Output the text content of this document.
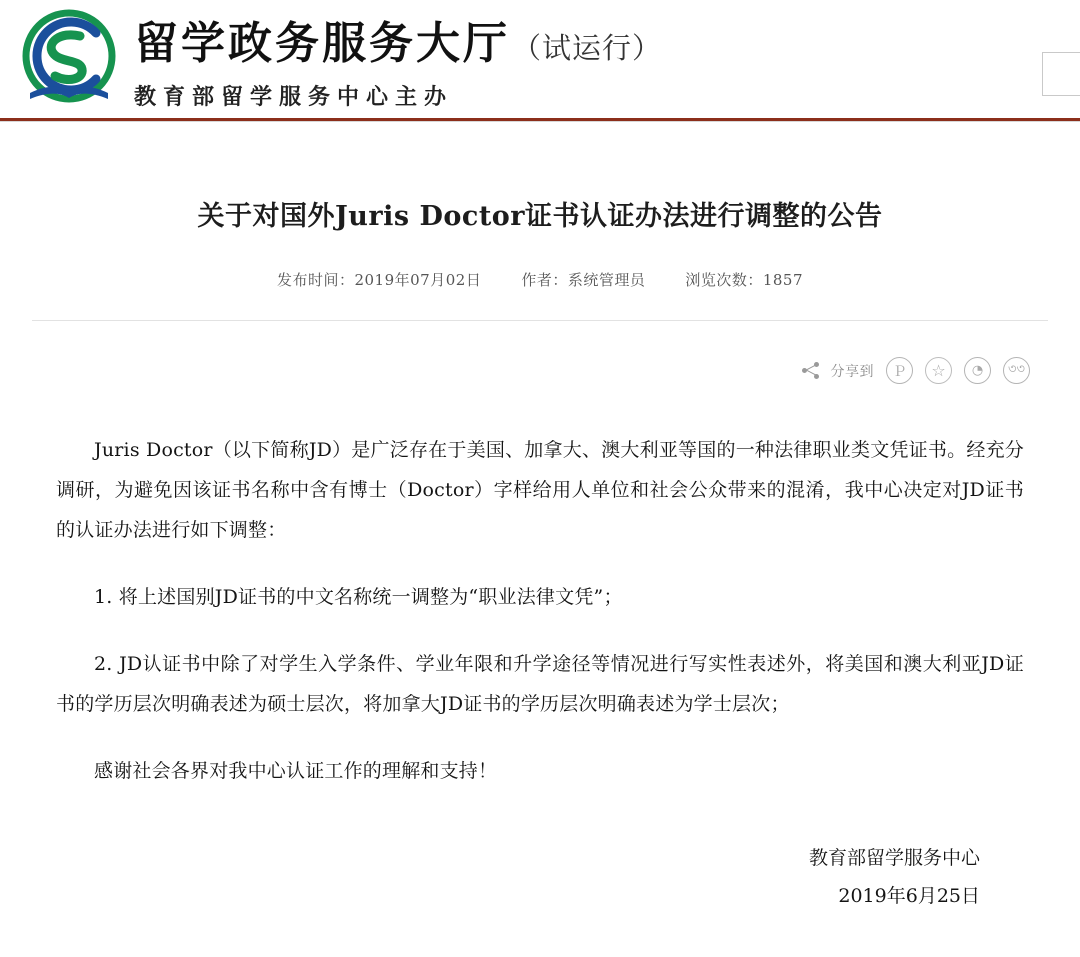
留学政务服务大厅 （试运行）
教育部留学服务中心主办
关于对国外Juris Doctor证书认证办法进行调整的公告
发布时间：2019年07月02日	作者：系统管理员	浏览次数：1857
分享到	Ｐ	☆	◔	৩৩

Juris Doctor（以下简称JD）是广泛存在于美国、加拿大、澳大利亚等国的一种法律职业类文凭证书。经充分调研，为避免因该证书名称中含有博士（Doctor）字样给用人单位和社会公众带来的混淆，我中心决定对JD证书的认证办法进行如下调整：

1. 将上述国别JD证书的中文名称统一调整为“职业法律文凭”；

2. JD认证书中除了对学生入学条件、学业年限和升学途径等情况进行写实性表述外，将美国和澳大利亚JD证书的学历层次明确表述为硕士层次，将加拿大JD证书的学历层次明确表述为学士层次；

感谢社会各界对我中心认证工作的理解和支持！

教育部留学服务中心
2019年6月25日
